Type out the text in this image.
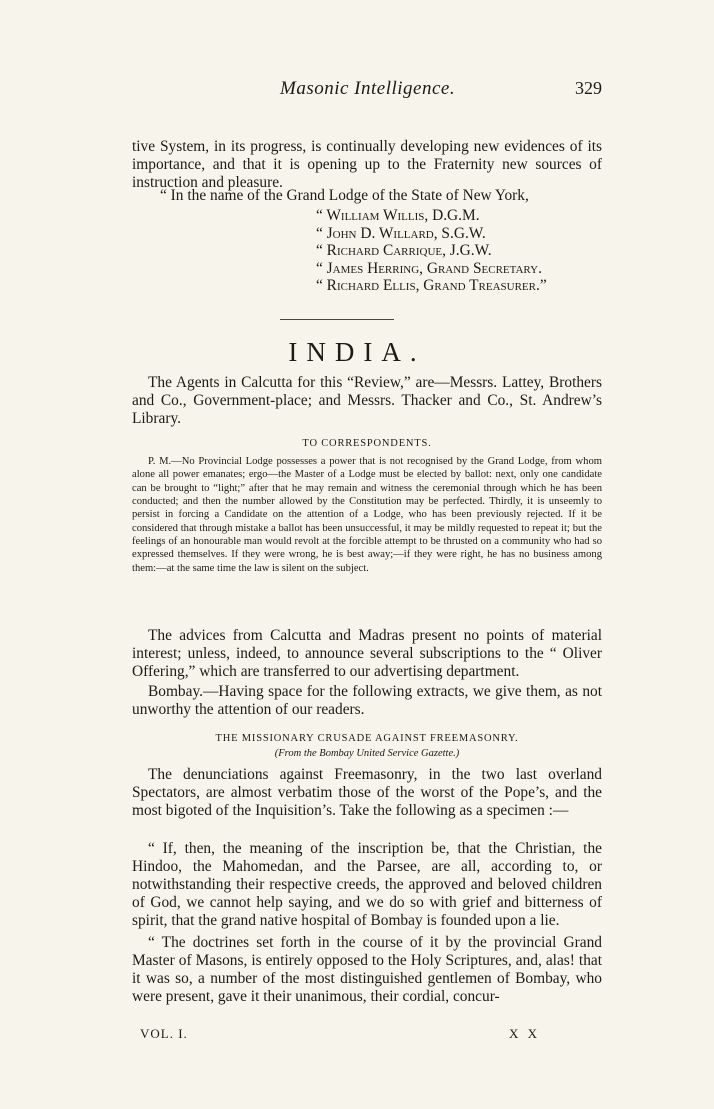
Masonic Intelligence.	329

tive System, in its progress, is continually developing new evidences of its importance, and that it is opening up to the Fraternity new sources of instruction and pleasure.

“ In the name of the Grand Lodge of the State of New York,

“ William Willis, D.G.M.
“ John D. Willard, S.G.W.
“ Richard Carrique, J.G.W.
“ James Herring, Grand Secretary.
“ Richard Ellis, Grand Treasurer.”
INDIA.

The Agents in Calcutta for this “Review,” are—Messrs. Lattey, Brothers and Co., Government-place; and Messrs. Thacker and Co., St. Andrew’s Library.

TO CORRESPONDENTS.

P. M.—No Provincial Lodge possesses a power that is not recognised by the Grand Lodge, from whom alone all power emanates; ergo—the Master of a Lodge must be elected by ballot: next, only one candidate can be brought to “light;” after that he may remain and witness the ceremonial through which he has been conducted; and then the number allowed by the Constitution may be perfected. Thirdly, it is unseemly to persist in forcing a Candidate on the attention of a Lodge, who has been previously rejected. If it be considered that through mistake a ballot has been unsuccessful, it may be mildly requested to repeat it; but the feelings of an honourable man would revolt at the forcible attempt to be thrusted on a community who had so expressed themselves. If they were wrong, he is best away;—if they were right, he has no business among them:—at the same time the law is silent on the subject.

The advices from Calcutta and Madras present no points of material interest; unless, indeed, to announce several subscriptions to the “ Oliver Offering,” which are transferred to our advertising department.

Bombay.—Having space for the following extracts, we give them, as not unworthy the attention of our readers.

THE MISSIONARY CRUSADE AGAINST FREEMASONRY.

(From the Bombay United Service Gazette.)

The denunciations against Freemasonry, in the two last overland Spectators, are almost verbatim those of the worst of the Pope’s, and the most bigoted of the Inquisition’s. Take the following as a specimen :—

“ If, then, the meaning of the inscription be, that the Christian, the Hindoo, the Mahomedan, and the Parsee, are all, according to, or notwithstanding their respective creeds, the approved and beloved children of God, we cannot help saying, and we do so with grief and bitterness of spirit, that the grand native hospital of Bombay is founded upon a lie.

“ The doctrines set forth in the course of it by the provincial Grand Master of Masons, is entirely opposed to the Holy Scriptures, and, alas! that it was so, a number of the most distinguished gentlemen of Bombay, who were present, gave it their unanimous, their cordial, concur-

VOL. I.	X X
